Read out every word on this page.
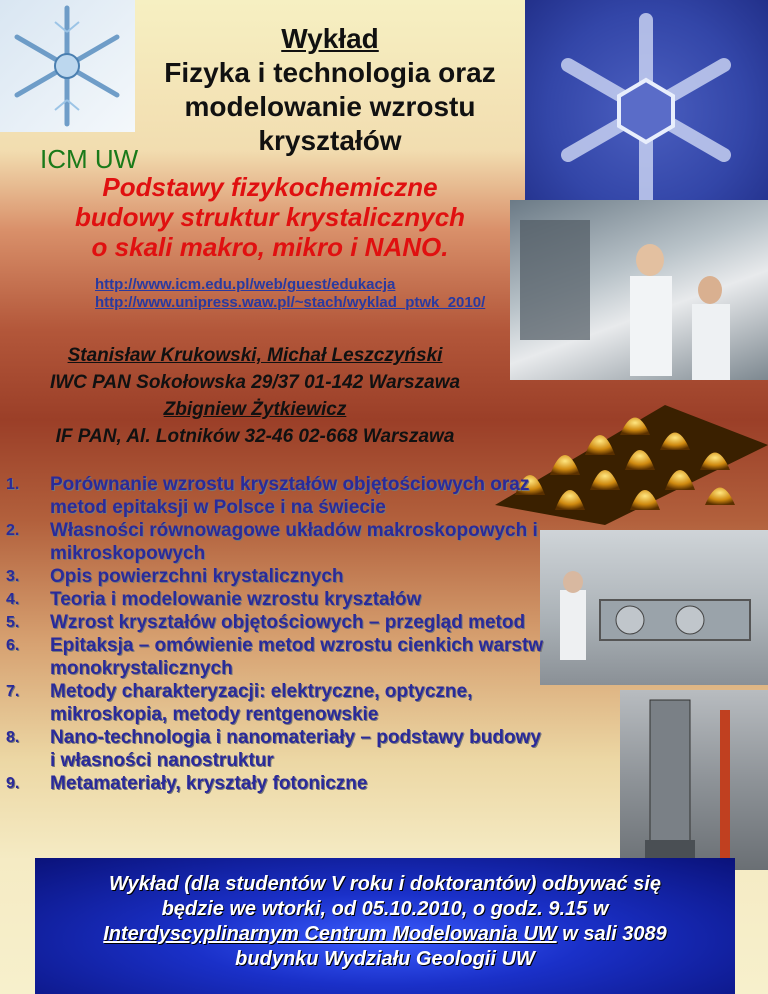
Wykład
Fizyka i technologia oraz
modelowanie wzrostu
kryształów
ICM UW
Podstawy fizykochemiczne
budowy struktur krystalicznych
o skali makro, mikro i NANO.
http://www.icm.edu.pl/web/guest/edukacja
http://www.unipress.waw.pl/~stach/wyklad_ptwk_2010/
Stanisław Krukowski, Michał Leszczyński
IWC PAN Sokołowska 29/37 01-142 Warszawa
Zbigniew Żytkiewicz
IF PAN, Al. Lotników 32-46 02-668 Warszawa
1.	Porównanie wzrostu kryształów objętościowych oraz
metod epitaksji w Polsce i na świecie
2.	Własności równowagowe układów makroskopowych i
mikroskopowych
3.	Opis powierzchni krystalicznych
4.	Teoria i modelowanie wzrostu kryształów
5.	Wzrost kryształów objętościowych – przegląd metod
6.	Epitaksja – omówienie metod wzrostu cienkich warstw
monokrystalicznych
7.	Metody charakteryzacji: elektryczne, optyczne,
mikroskopia, metody rentgenowskie
8.	Nano-technologia i nanomateriały – podstawy budowy
i własności nanostruktur
9.	Metamateriały, kryształy fotoniczne
Wykład (dla studentów V roku i doktorantów) odbywać się
będzie we wtorki, od 05.10.2010, o godz. 9.15 w
Interdyscyplinarnym Centrum Modelowania UW w sali 3089
budynku Wydziału Geologii UW
